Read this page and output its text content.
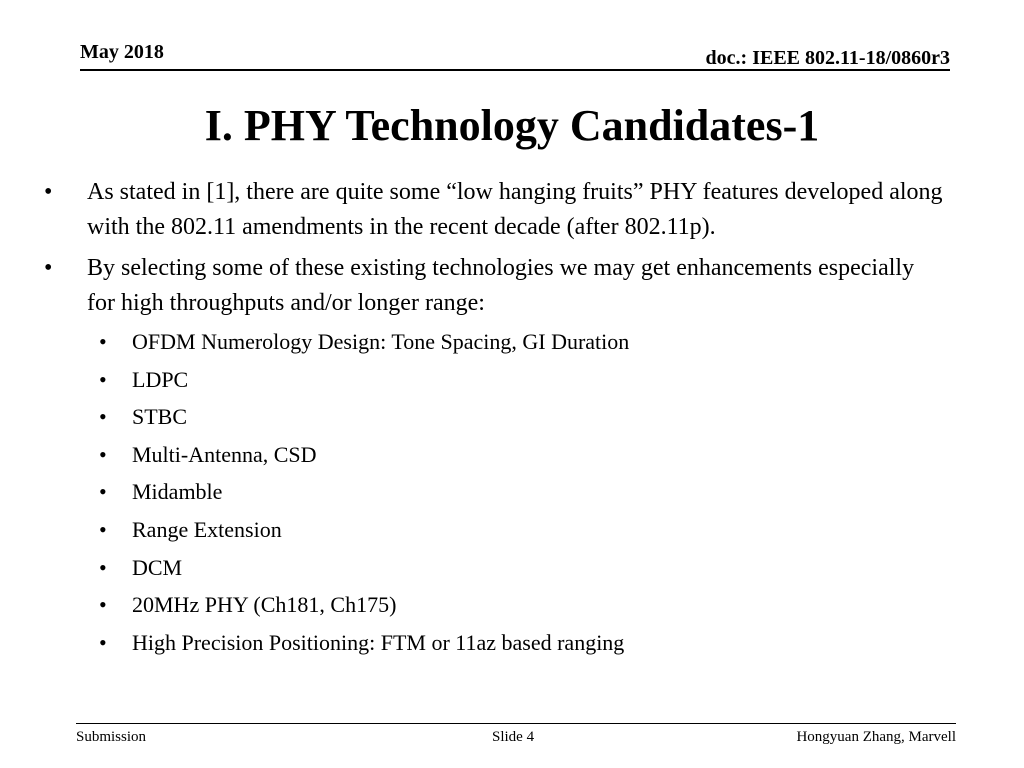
May 2018	doc.: IEEE 802.11-18/0860r3
I. PHY Technology Candidates-1
• As stated in [1], there are quite some “low hanging fruits” PHY features developed along with the 802.11 amendments in the recent decade (after 802.11p).
• By selecting some of these existing technologies we may get enhancements especially for high throughputs and/or longer range:
• OFDM Numerology Design: Tone Spacing, GI Duration
• LDPC
• STBC
• Multi-Antenna, CSD
• Midamble
• Range Extension
• DCM
• 20MHz PHY (Ch181, Ch175)
• High Precision Positioning: FTM or 11az based ranging
Submission	Slide 4	Hongyuan Zhang, Marvell
